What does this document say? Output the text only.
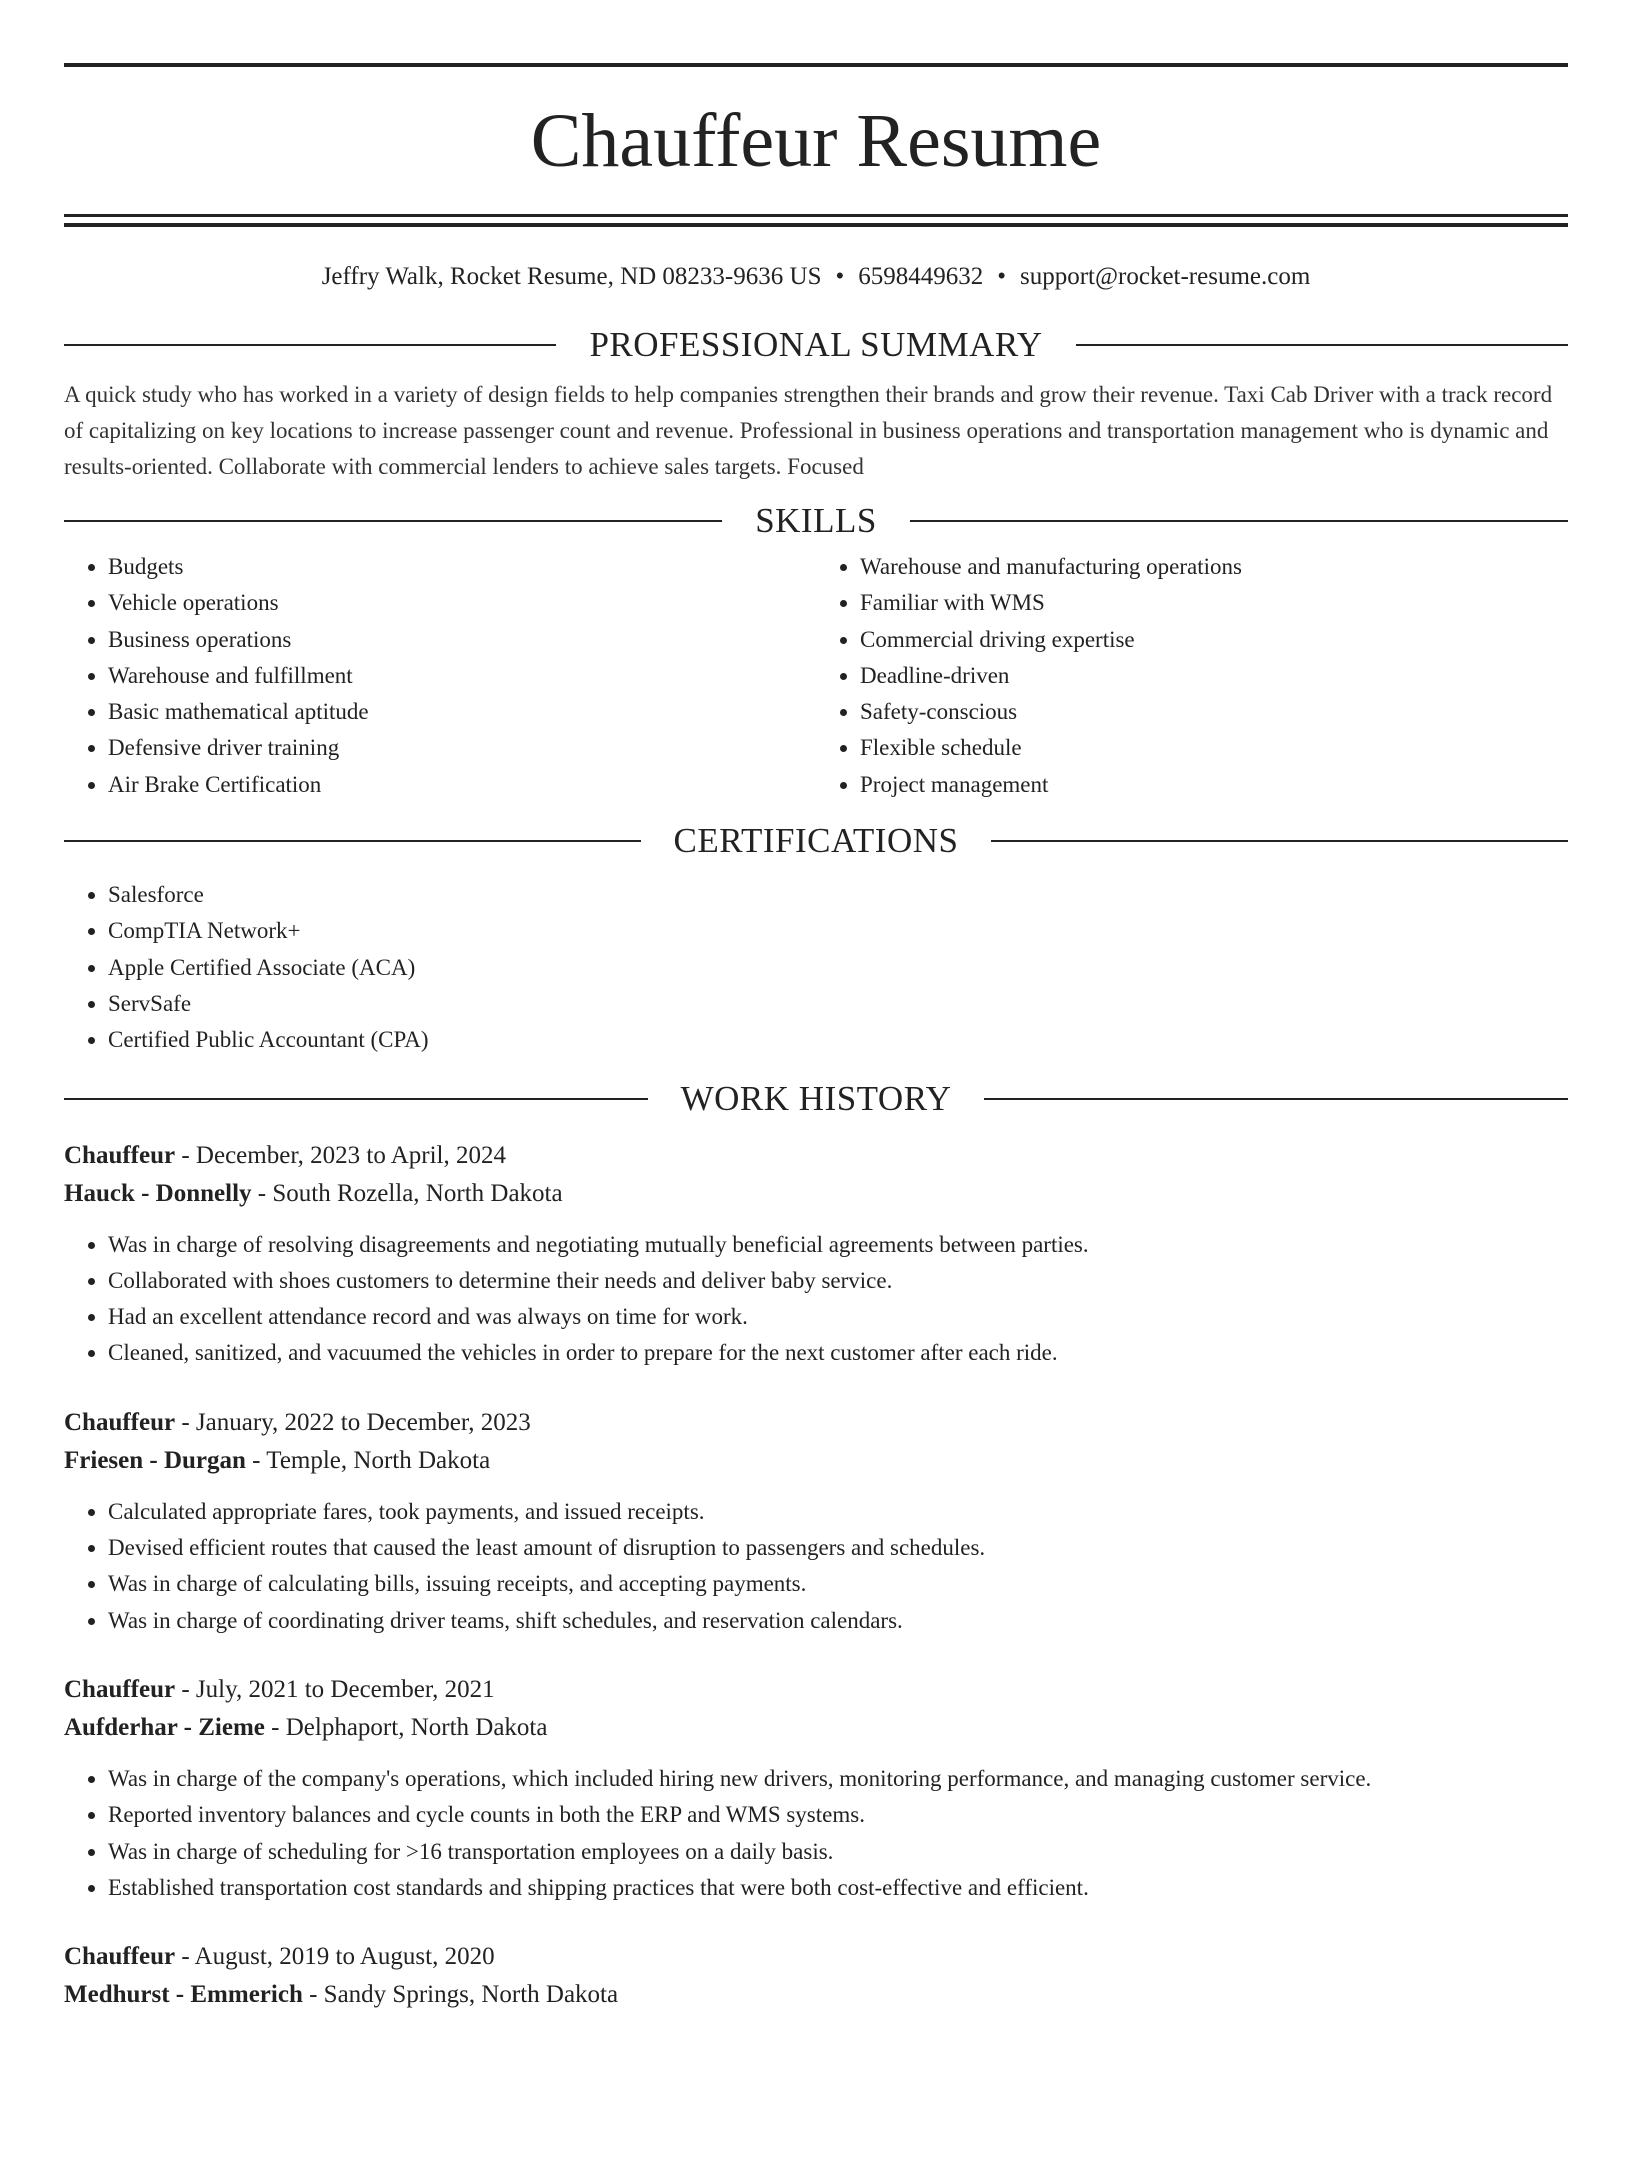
Chauffeur Resume
Jeffry Walk, Rocket Resume, ND 08233-9636 US • 6598449632 • support@rocket-resume.com
PROFESSIONAL SUMMARY

A quick study who has worked in a variety of design fields to help companies strengthen their brands and grow their revenue. Taxi Cab Driver with a track record of capitalizing on key locations to increase passenger count and revenue. Professional in business operations and transportation management who is dynamic and results-oriented. Collaborate with commercial lenders to achieve sales targets. Focused

SKILLS
• Budgets
• Vehicle operations
• Business operations
• Warehouse and fulfillment
• Basic mathematical aptitude
• Defensive driver training
• Air Brake Certification
• Warehouse and manufacturing operations
• Familiar with WMS
• Commercial driving expertise
• Deadline-driven
• Safety-conscious
• Flexible schedule
• Project management
CERTIFICATIONS
• Salesforce
• CompTIA Network+
• Apple Certified Associate (ACA)
• ServSafe
• Certified Public Accountant (CPA)
WORK HISTORY
Chauffeur - December, 2023 to April, 2024
Hauck - Donnelly - South Rozella, North Dakota
• Was in charge of resolving disagreements and negotiating mutually beneficial agreements between parties.
• Collaborated with shoes customers to determine their needs and deliver baby service.
• Had an excellent attendance record and was always on time for work.
• Cleaned, sanitized, and vacuumed the vehicles in order to prepare for the next customer after each ride.
Chauffeur - January, 2022 to December, 2023
Friesen - Durgan - Temple, North Dakota
• Calculated appropriate fares, took payments, and issued receipts.
• Devised efficient routes that caused the least amount of disruption to passengers and schedules.
• Was in charge of calculating bills, issuing receipts, and accepting payments.
• Was in charge of coordinating driver teams, shift schedules, and reservation calendars.
Chauffeur - July, 2021 to December, 2021
Aufderhar - Zieme - Delphaport, North Dakota
• Was in charge of the company's operations, which included hiring new drivers, monitoring performance, and managing customer service.
• Reported inventory balances and cycle counts in both the ERP and WMS systems.
• Was in charge of scheduling for >16 transportation employees on a daily basis.
• Established transportation cost standards and shipping practices that were both cost-effective and efficient.
Chauffeur - August, 2019 to August, 2020
Medhurst - Emmerich - Sandy Springs, North Dakota
